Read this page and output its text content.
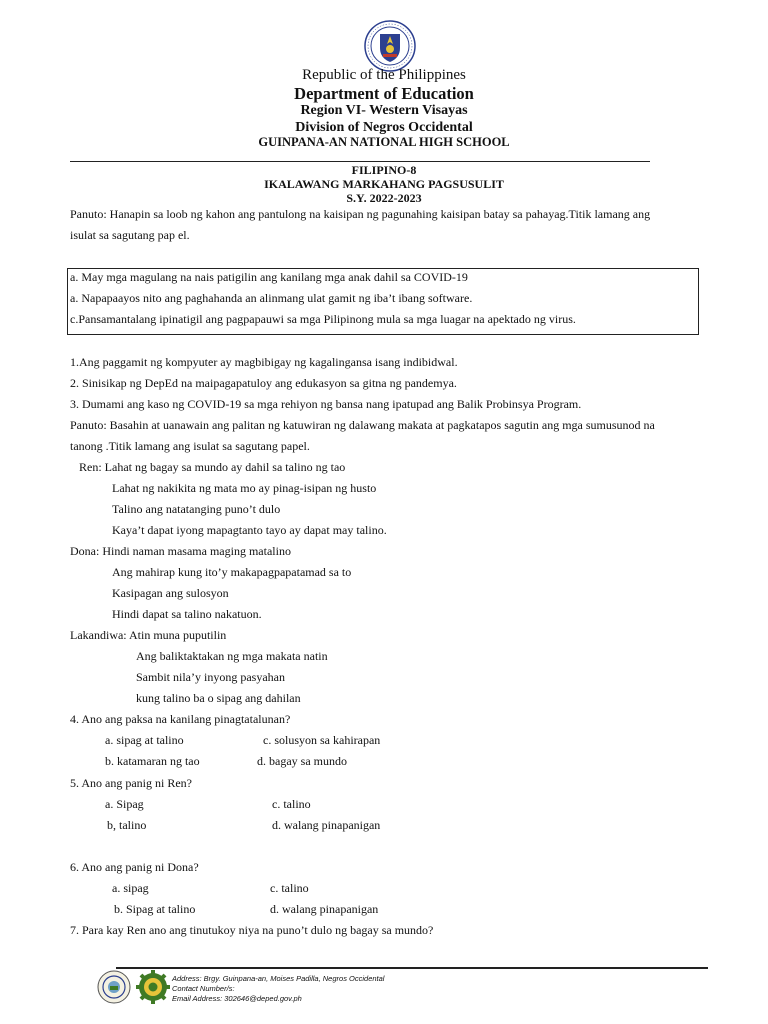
Republic of the Philippines
Department of Education
Region VI- Western Visayas
Division of Negros Occidental
GUINPANA-AN NATIONAL HIGH SCHOOL
FILIPINO-8
IKALAWANG MARKAHANG PAGSUSULIT
S.Y. 2022-2023
Panuto: Hanapin sa loob ng kahon ang pantulong na kaisipan ng pagunahing kaisipan batay sa pahayag.Titik lamang ang
isulat sa sagutang pap el.
a. May mga magulang na nais patigilin ang kanilang mga anak dahil sa COVID-19
a. Napapaayos nito ang paghahanda an alinmang ulat gamit ng iba’t ibang software.
c.Pansamantalang ipinatigil ang pagpapauwi sa mga Pilipinong mula sa mga luagar na apektado ng virus.
1.Ang paggamit ng kompyuter ay magbibigay ng kagalingansa isang indibidwal.
2. Sinisikap ng DepEd na maipagapatuloy ang edukasyon sa gitna ng pandemya.
3. Dumami ang kaso ng COVID-19 sa mga rehiyon ng bansa nang ipatupad ang Balik Probinsya Program.
Panuto: Basahin at uanawain ang palitan ng katuwiran ng dalawang makata at pagkatapos sagutin ang mga sumusunod na
tanong .Titik lamang ang isulat sa sagutang papel.
Ren: Lahat ng bagay sa mundo ay dahil sa talino ng tao
Lahat ng nakikita ng mata mo ay pinag-isipan ng husto
Talino ang natatanging puno’t dulo
Kaya’t dapat iyong mapagtanto tayo ay dapat may talino.
Dona: Hindi naman masama maging matalino
Ang mahirap kung ito’y makapagpapatamad sa to
Kasipagan ang sulosyon
Hindi dapat sa talino nakatuon.
Lakandiwa: Atin muna puputilin
Ang baliktaktakan ng mga makata natin
Sambit nila’y inyong pasyahan
kung talino ba o sipag ang dahilan
4. Ano ang paksa na kanilang pinagtatalunan?
a. sipag at talino	c. solusyon sa kahirapan
b. katamaran ng tao	d. bagay sa mundo
5. Ano ang panig ni Ren?
a. Sipag	c. talino
b, talino	d. walang pinapanigan
6. Ano ang panig ni Dona?
a. sipag	c. talino
b. Sipag at talino	d. walang pinapanigan
7. Para kay Ren ano ang tinutukoy niya na puno’t dulo ng bagay sa mundo?
Address: Brgy. Guinpana-an, Moises Padilla, Negros Occidental
Contact Number/s:
Email Address: 302646@deped.gov.ph
